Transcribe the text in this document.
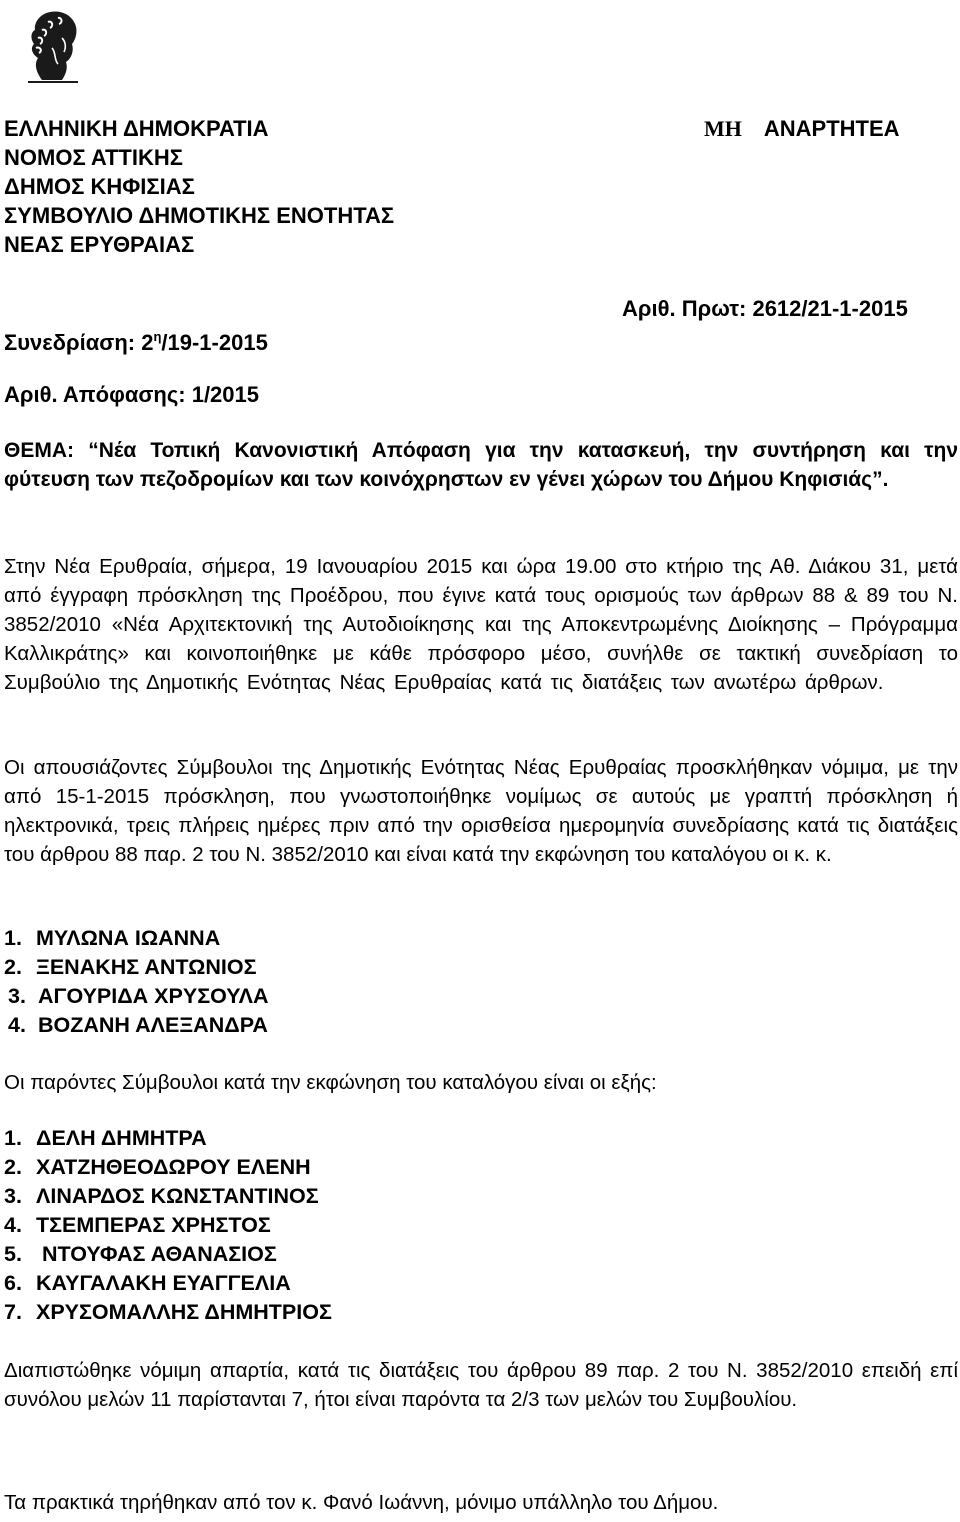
ΕΛΛΗΝΙΚΗ ΔΗΜΟΚΡΑΤΙΑ
ΝΟΜΟΣ ΑΤΤΙΚΗΣ
ΔΗΜΟΣ ΚΗΦΙΣΙΑΣ
ΣΥΜΒΟΥΛΙΟ ΔΗΜΟΤΙΚΗΣ ΕΝΟΤΗΤΑΣ
ΝΕΑΣ ΕΡΥΘΡΑΙΑΣ
ΜΗ ΑΝΑΡΤΗΤΕΑ
Αριθ. Πρωτ: 2612/21-1-2015
Συνεδρίαση: $2^\eta/19-1-2015$
Αριθ. Απόφασης: 1/2015
ΘΕΜΑ: “Νέα Τοπική Κανονιστική Απόφαση για την κατασκευή, την συντήρηση και την φύτευση των πεζοδρομίων και των κοινόχρηστων εν γένει χώρων του Δήμου Κηφισιάς”.
Στην Νέα Ερυθραία, σήμερα, 19 Ιανουαρίου 2015 και ώρα 19.00 στο κτήριο της Αθ. Διάκου 31, μετά από έγγραφη πρόσκληση της Προέδρου, που έγινε κατά τους ορισμούς των άρθρων 88 & 89 του Ν. 3852/2010 «Νέα Αρχιτεκτονική της Αυτοδιοίκησης και της Αποκεντρωμένης Διοίκησης – Πρόγραμμα Καλλικράτης» και κοινοποιήθηκε με κάθε πρόσφορο μέσο, συνήλθε σε τακτική συνεδρίαση το Συμβούλιο της Δημοτικής Ενότητας Νέας Ερυθραίας κατά τις διατάξεις των ανωτέρω άρθρων.
Οι απουσιάζοντες Σύμβουλοι της Δημοτικής Ενότητας Νέας Ερυθραίας προσκλήθηκαν νόμιμα, με την από 15-1-2015 πρόσκληση, που γνωστοποιήθηκε νομίμως σε αυτούς με γραπτή πρόσκληση ή ηλεκτρονικά, τρεις πλήρεις ημέρες πριν από την ορισθείσα ημερομηνία συνεδρίασης κατά τις διατάξεις του άρθρου 88 παρ. 2 του Ν. 3852/2010 και είναι κατά την εκφώνηση του καταλόγου οι κ. κ.
1. ΜΥΛΩΝΑ ΙΩΑΝΝΑ
2. ΞΕΝΑΚΗΣ ΑΝΤΩΝΙΟΣ
3. ΑΓΟΥΡΙΔΑ ΧΡΥΣΟΥΛΑ
4. ΒΟΖΑΝΗ ΑΛΕΞΑΝΔΡΑ
Οι παρόντες Σύμβουλοι κατά την εκφώνηση του καταλόγου είναι οι εξής:
1. ΔΕΛΗ ΔΗΜΗΤΡΑ
2. ΧΑΤΖΗΘΕΟΔΩΡΟΥ ΕΛΕΝΗ
3. ΛΙΝΑΡΔΟΣ ΚΩΝΣΤΑΝΤΙΝΟΣ
4. ΤΣΕΜΠΕΡΑΣ ΧΡΗΣΤΟΣ
5. ΝΤΟΥΦΑΣ ΑΘΑΝΑΣΙΟΣ
6. ΚΑΥΓΑΛΑΚΗ ΕΥΑΓΓΕΛΙΑ
7. ΧΡΥΣΟΜΑΛΛΗΣ ΔΗΜΗΤΡΙΟΣ
Διαπιστώθηκε νόμιμη απαρτία, κατά τις διατάξεις του άρθρου 89 παρ. 2 του Ν. 3852/2010 επειδή επί συνόλου μελών 11 παρίστανται 7, ήτοι είναι παρόντα τα 2/3 των μελών του Συμβουλίου.
Τα πρακτικά τηρήθηκαν από τον κ. Φανό Ιωάννη, μόνιμο υπάλληλο του Δήμου.
